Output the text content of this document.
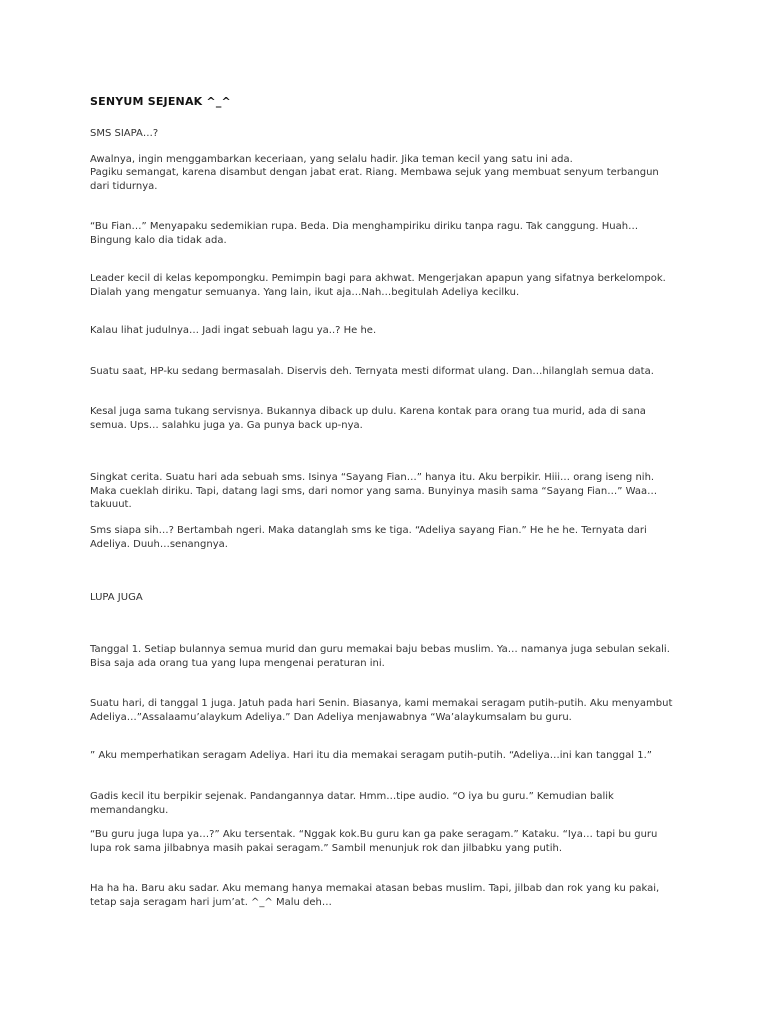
SENYUM SEJENAK ^_^

SMS SIAPA…?

Awalnya, ingin menggambarkan keceriaan, yang selalu hadir. Jika teman kecil yang satu ini ada.

Pagiku semangat, karena disambut dengan jabat erat. Riang. Membawa sejuk yang membuat senyum terbangun dari tidurnya.

“Bu Fian…” Menyapaku sedemikian rupa. Beda. Dia menghampiriku diriku tanpa ragu. Tak canggung. Huah… Bingung kalo dia tidak ada.

Leader kecil di kelas kepompongku. Pemimpin bagi para akhwat. Mengerjakan apapun yang sifatnya berkelompok. Dialah yang mengatur semuanya. Yang lain, ikut aja…Nah…begitulah Adeliya kecilku.

Kalau lihat judulnya… Jadi ingat sebuah lagu ya..? He he.

Suatu saat, HP-ku sedang bermasalah. Diservis deh. Ternyata mesti diformat ulang. Dan…hilanglah semua data.

Kesal juga sama tukang servisnya. Bukannya diback up dulu. Karena kontak para orang tua murid, ada di sana semua. Ups… salahku juga ya. Ga punya back up-nya.

Singkat cerita. Suatu hari ada sebuah sms. Isinya “Sayang Fian…” hanya itu. Aku berpikir. Hiii… orang iseng nih. Maka cueklah diriku. Tapi, datang lagi sms, dari nomor yang sama. Bunyinya masih sama “Sayang Fian…” Waa… takuuut.

Sms siapa sih…? Bertambah ngeri. Maka datanglah sms ke tiga. “Adeliya sayang Fian.” He he he. Ternyata dari Adeliya. Duuh…senangnya.

LUPA JUGA

Tanggal 1. Setiap bulannya semua murid dan guru memakai baju bebas muslim. Ya… namanya juga sebulan sekali. Bisa saja ada orang tua yang lupa mengenai peraturan ini.

Suatu hari, di tanggal 1 juga. Jatuh pada hari Senin. Biasanya, kami memakai seragam putih-putih. Aku menyambut Adeliya…”Assalaamu’alaykum Adeliya.” Dan Adeliya menjawabnya “Wa’alaykumsalam bu guru.

” Aku memperhatikan seragam Adeliya. Hari itu dia memakai seragam putih-putih. “Adeliya…ini kan tanggal 1.”

Gadis kecil itu berpikir sejenak. Pandangannya datar. Hmm…tipe audio. “O iya bu guru.” Kemudian balik memandangku.

“Bu guru juga lupa ya…?” Aku tersentak. “Nggak kok.Bu guru kan ga pake seragam.” Kataku. “Iya… tapi bu guru lupa rok sama jilbabnya masih pakai seragam.” Sambil menunjuk rok dan jilbabku yang putih.

Ha ha ha. Baru aku sadar. Aku memang hanya memakai atasan bebas muslim. Tapi, jilbab dan rok yang ku pakai, tetap saja seragam hari jum’at. ^_^ Malu deh…
